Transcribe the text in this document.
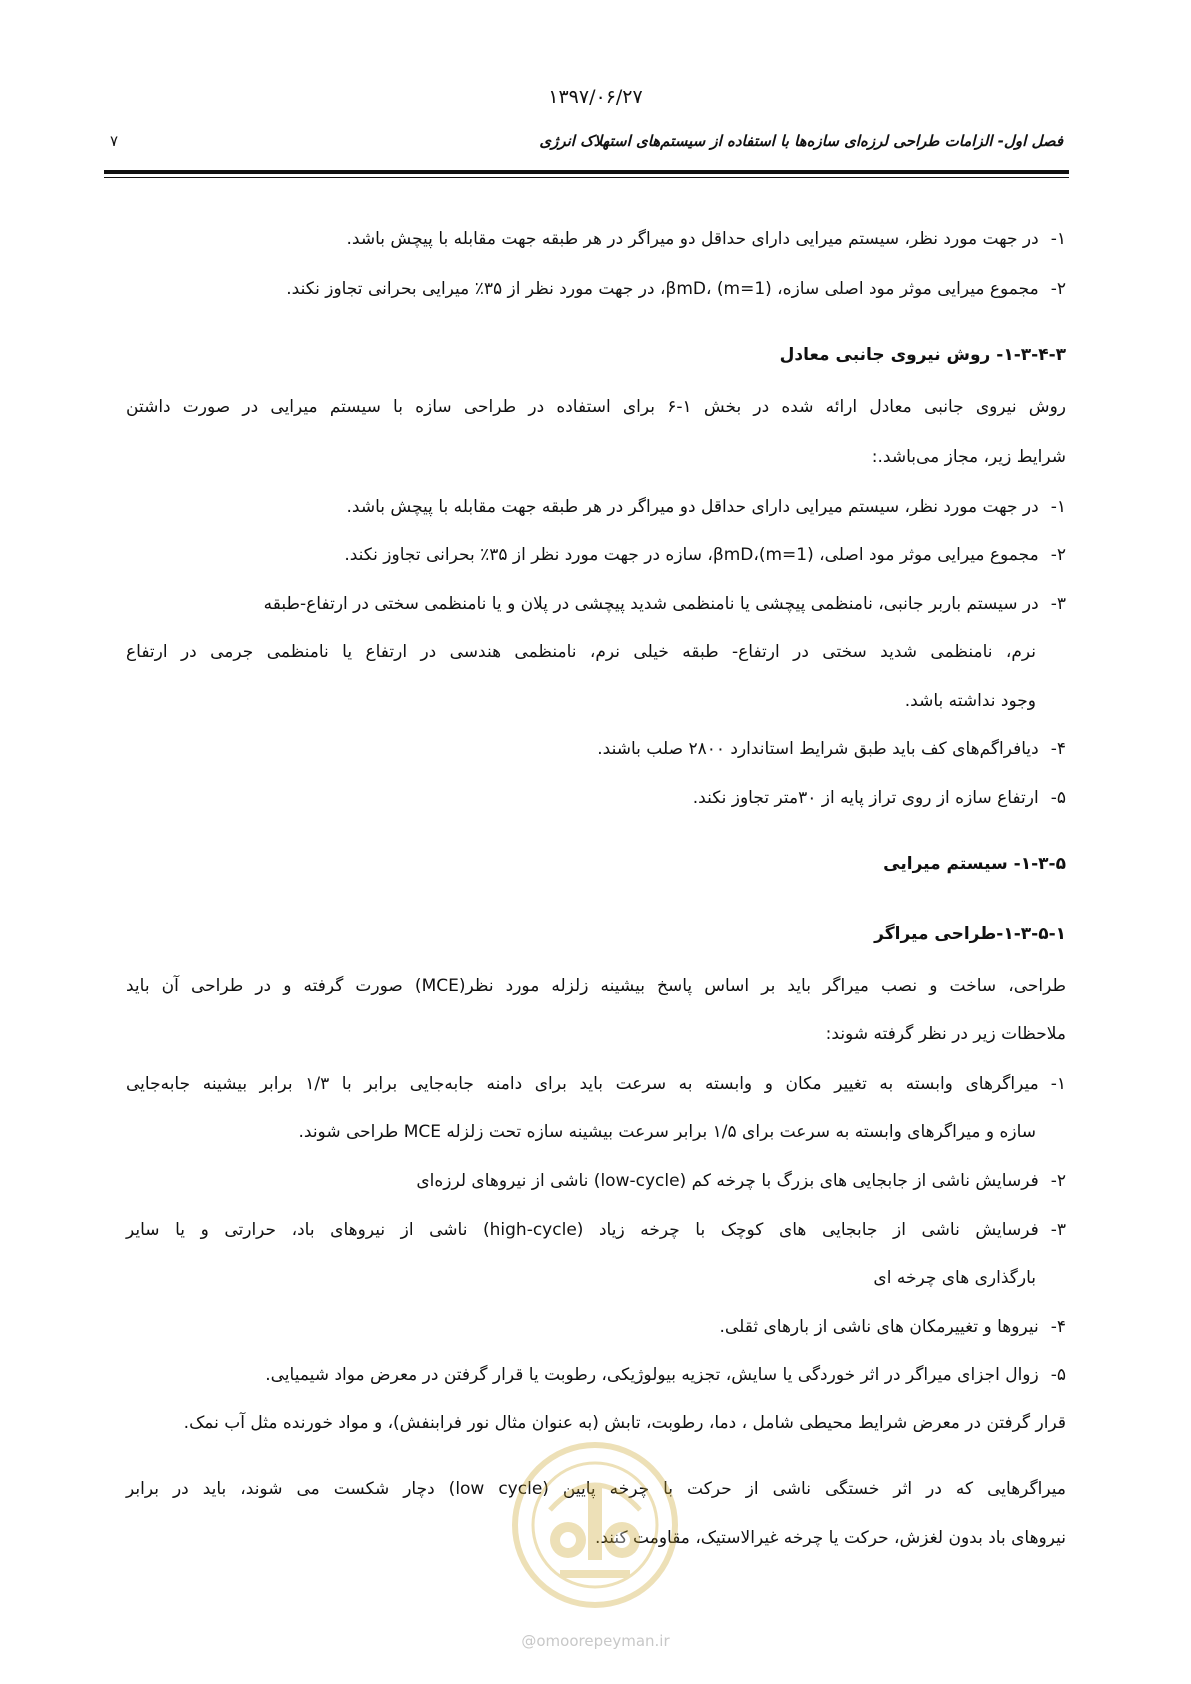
۱۳۹۷/۰۶/۲۷
فصل اول- الزامات طراحی لرزه‌ای سازه‌ها با استفاده از سیستم‌های استهلاک انرژی
۷
۱-در جهت مورد نظر، سیستم میرایی دارای حداقل دو میراگر در هر طبقه جهت مقابله با پیچش باشد.
۲-مجموع میرایی موثر مود اصلی سازه، (m=1) ،βmD، در جهت مورد نظر از ۳۵٪ میرایی بحرانی تجاوز نکند.
۱-۳-۴-۳- روش نیروی جانبی معادل
روش نیروی جانبی معادل ارائه شده در بخش ۱-۶ برای استفاده در طراحی سازه با سیستم میرایی در صورت داشتن
شرایط زیر، مجاز می‌باشد.:
۱-در جهت مورد نظر، سیستم میرایی دارای حداقل دو میراگر در هر طبقه جهت مقابله با پیچش باشد.
۲-مجموع میرایی موثر مود اصلی، (m=1)،βmD، سازه در جهت مورد نظر از ۳۵٪ بحرانی تجاوز نکند.
۳-در سیستم باربر جانبی، نامنظمی پیچشی یا نامنظمی شدید پیچشی در پلان و یا نامنظمی سختی در ارتفاع-طبقه
نرم، نامنظمی شدید سختی در ارتفاع- طبقه خیلی نرم، نامنظمی هندسی در ارتفاع یا نامنظمی جرمی در ارتفاع
وجود نداشته باشد.
۴-دیافراگم‌های کف باید طبق شرایط استاندارد ۲۸۰۰ صلب باشند.
۵-ارتفاع سازه از روی تراز پایه از ۳۰متر تجاوز نکند.
۱-۳-۵- سیستم میرایی
۱-۳-۵-۱-طراحی میراگر
طراحی، ساخت و نصب میراگر باید بر اساس پاسخ بیشینه زلزله مورد نظر(MCE) صورت گرفته و در طراحی آن باید
ملاحظات زیر در نظر گرفته شوند:
۱-میراگرهای وابسته به تغییر مکان و وابسته به سرعت باید برای دامنه جابه‌جایی برابر با ۱/۳ برابر بیشینه جابه‌جایی
سازه و میراگرهای وابسته به سرعت برای ۱/۵ برابر سرعت بیشینه سازه تحت زلزله MCE طراحی شوند.
۲-فرسایش ناشی از جابجایی های بزرگ با چرخه کم (low-cycle) ناشی از نیروهای لرزه‌ای
۳-فرسایش ناشی از جابجایی های کوچک با چرخه زیاد (high-cycle) ناشی از نیروهای باد، حرارتی و یا سایر
بارگذاری های چرخه ای
۴-نیروها و تغییرمکان های ناشی از بارهای ثقلی.
۵-زوال اجزای میراگر در اثر خوردگی یا سایش، تجزیه بیولوژیکی، رطوبت یا قرار گرفتن در معرض مواد شیمیایی.
قرار گرفتن در معرض شرایط محیطی شامل ، دما، رطوبت، تابش (به عنوان مثال نور فرابنفش)، و مواد خورنده مثل آب نمک.
میراگرهایی که در اثر خستگی ناشی از حرکت با چرخه پایین (low cycle) دچار شکست می شوند، باید در برابر
نیروهای باد بدون لغزش، حرکت یا چرخه غیرالاستیک، مقاومت کنند.
@omoorepeyman.ir
